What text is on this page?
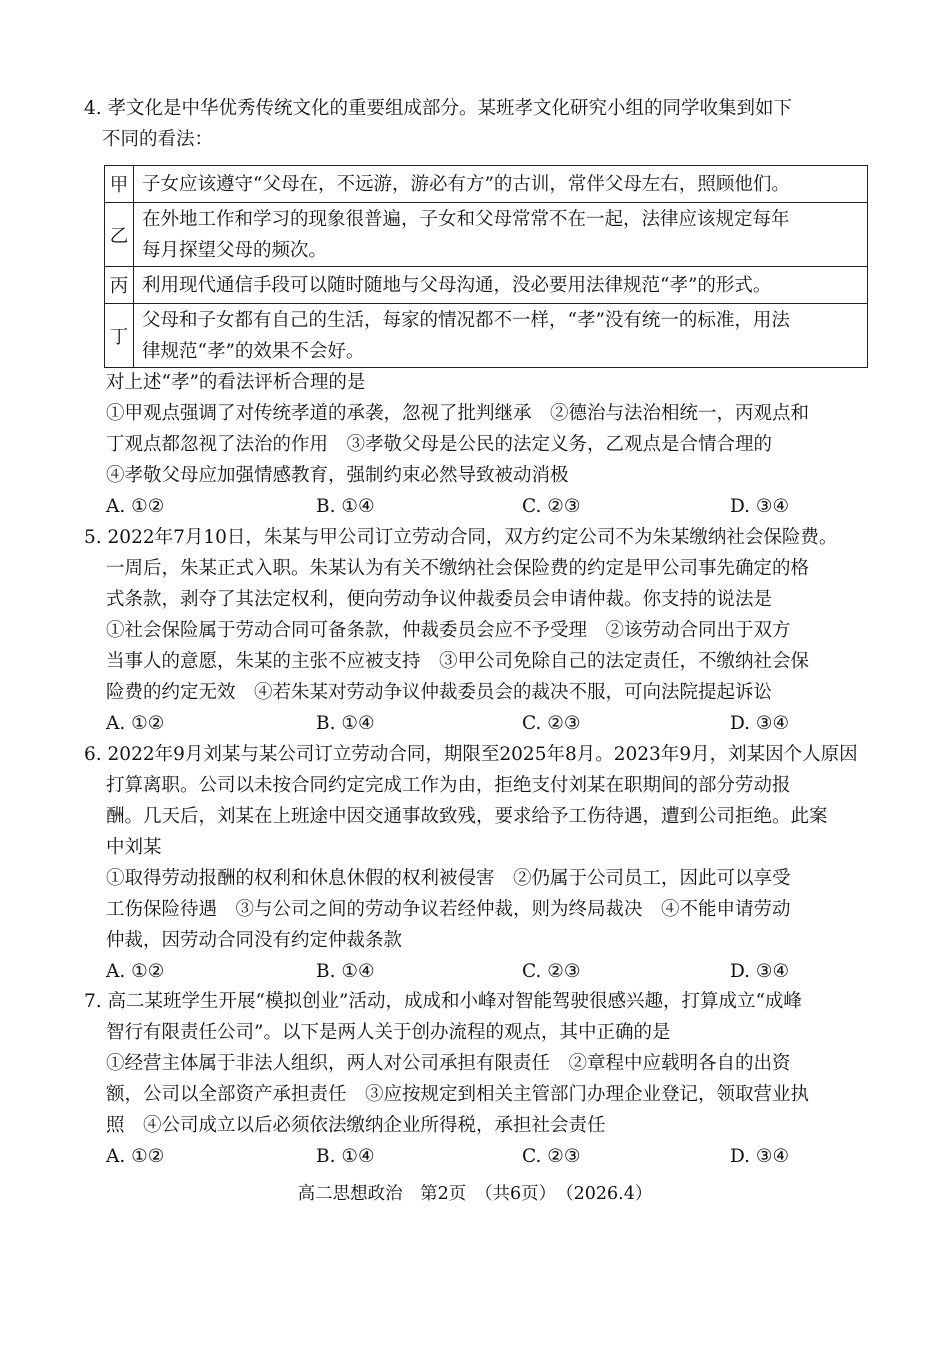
4. 孝文化是中华优秀传统文化的重要组成部分。某班孝文化研究小组的同学收集到如下
不同的看法：
甲	子女应该遵守“父母在，不远游，游必有方”的古训，常伴父母左右，照顾他们。

乙	在外地工作和学习的现象很普遍，子女和父母常常不在一起，法律应该规定每年
每月探望父母的频次。

丙	利用现代通信手段可以随时随地与父母沟通，没必要用法律规范“孝”的形式。

丁	父母和子女都有自己的生活，每家的情况都不一样，“孝”没有统一的标准，用法
律规范“孝”的效果不会好。
对上述“孝”的看法评析合理的是
①甲观点强调了对传统孝道的承袭，忽视了批判继承　②德治与法治相统一，丙观点和
丁观点都忽视了法治的作用　③孝敬父母是公民的法定义务，乙观点是合情合理的
④孝敬父母应加强情感教育，强制约束必然导致被动消极
A. ①②	B. ①④	C. ②③	D. ③④
5. 2022年7月10日，朱某与甲公司订立劳动合同，双方约定公司不为朱某缴纳社会保险费。
一周后，朱某正式入职。朱某认为有关不缴纳社会保险费的约定是甲公司事先确定的格
式条款，剥夺了其法定权利，便向劳动争议仲裁委员会申请仲裁。你支持的说法是
①社会保险属于劳动合同可备条款，仲裁委员会应不予受理　②该劳动合同出于双方
当事人的意愿，朱某的主张不应被支持　③甲公司免除自己的法定责任，不缴纳社会保
险费的约定无效　④若朱某对劳动争议仲裁委员会的裁决不服，可向法院提起诉讼
A. ①②	B. ①④	C. ②③	D. ③④
6. 2022年9月刘某与某公司订立劳动合同，期限至2025年8月。2023年9月，刘某因个人原因
打算离职。公司以未按合同约定完成工作为由，拒绝支付刘某在职期间的部分劳动报
酬。几天后，刘某在上班途中因交通事故致残，要求给予工伤待遇，遭到公司拒绝。此案
中刘某
①取得劳动报酬的权利和休息休假的权利被侵害　②仍属于公司员工，因此可以享受
工伤保险待遇　③与公司之间的劳动争议若经仲裁，则为终局裁决　④不能申请劳动
仲裁，因劳动合同没有约定仲裁条款
A. ①②	B. ①④	C. ②③	D. ③④
7. 高二某班学生开展“模拟创业”活动，成成和小峰对智能驾驶很感兴趣，打算成立“成峰
智行有限责任公司”。以下是两人关于创办流程的观点，其中正确的是
①经营主体属于非法人组织，两人对公司承担有限责任　②章程中应载明各自的出资
额，公司以全部资产承担责任　③应按规定到相关主管部门办理企业登记，领取营业执
照　④公司成立以后必须依法缴纳企业所得税，承担社会责任
A. ①②	B. ①④	C. ②③	D. ③④
高二思想政治　第2页　（共6页）　（2026.4）
